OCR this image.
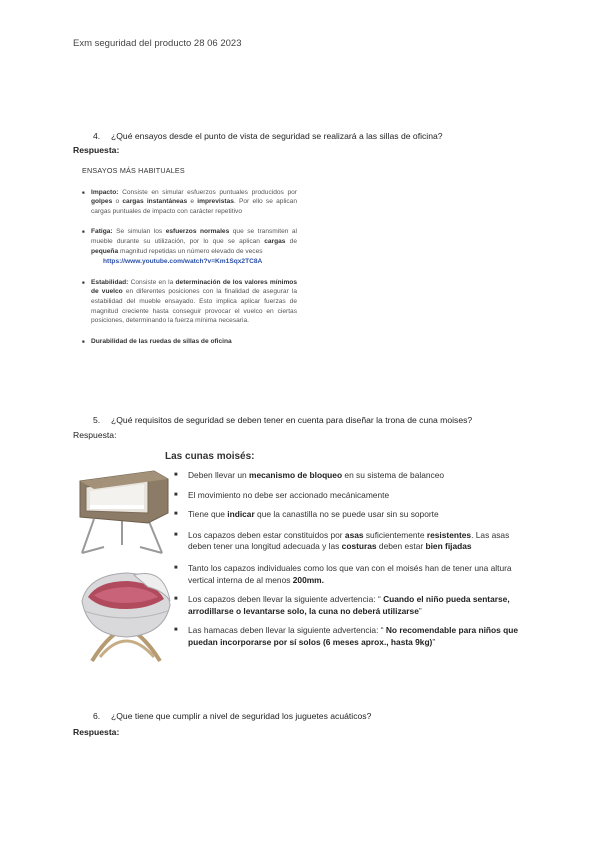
Exm seguridad del producto 28 06 2023
4. ¿Qué ensayos desde el punto de vista de seguridad se realizará a las sillas de oficina?
Respuesta:
ENSAYOS MÁS HABITUALES
■ Impacto: Consiste en simular esfuerzos puntuales producidos por golpes o cargas instantáneas e imprevistas. Por ello se aplican cargas puntuales de impacto con carácter repetitivo
■ Fatiga: Se simulan los esfuerzos normales que se transmiten al mueble durante su utilización, por lo que se aplican cargas de pequeña magnitud repetidas un número elevado de veces
https://www.youtube.com/watch?v=Km1Sqx2TC8A
■ Estabilidad: Consiste en la determinación de los valores mínimos de vuelco en diferentes posiciones con la finalidad de asegurar la estabilidad del mueble ensayado. Esto implica aplicar fuerzas de magnitud creciente hasta conseguir provocar el vuelco en ciertas posiciones, determinando la fuerza mínima necesaria.
■ Durabilidad de las ruedas de sillas de oficina
5. ¿Qué requisitos de seguridad se deben tener en cuenta para diseñar la trona de cuna moises?
Respuesta:
Las cunas moisés:
■ Deben llevar un mecanismo de bloqueo en su sistema de balanceo
■ El movimiento no debe ser accionado mecánicamente
■ Tiene que indicar que la canastilla no se puede usar sin su soporte
■ Los capazos deben estar constituidos por asas suficientemente resistentes. Las asas deben tener una longitud adecuada y las costuras deben estar bien fijadas
■ Tanto los capazos individuales como los que van con el moisés han de tener una altura vertical interna de al menos 200mm.
■ Los capazos deben llevar la siguiente advertencia: “ Cuando el niño pueda sentarse, arrodillarse o levantarse solo, la cuna no deberá utilizarse”
■ Las hamacas deben llevar la siguiente advertencia: “ No recomendable para niños que puedan incorporarse por sí solos (6 meses aprox., hasta 9kg)”
6. ¿Que tiene que cumplir a nivel de seguridad los juguetes acuáticos?
Respuesta:
